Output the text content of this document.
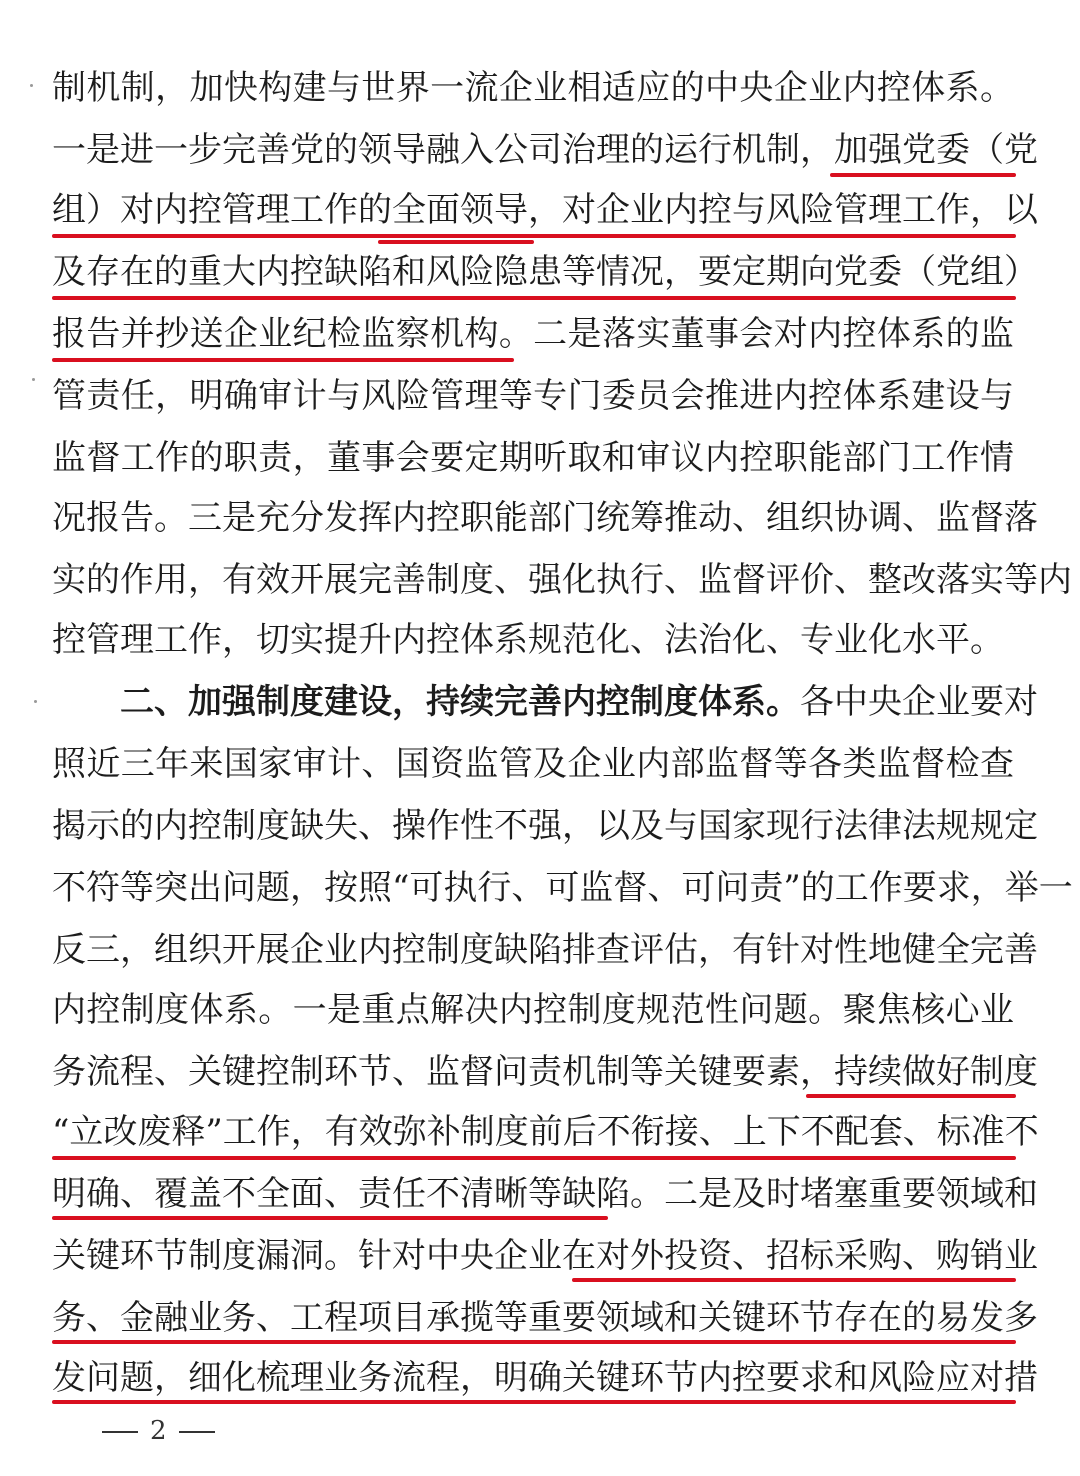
制机制，加快构建与世界一流企业相适应的中央企业内控体系。
一是进一步完善党的领导融入公司治理的运行机制，加强党委（党
组）对内控管理工作的全面领导，对企业内控与风险管理工作，以
及存在的重大内控缺陷和风险隐患等情况，要定期向党委（党组）
报告并抄送企业纪检监察机构。二是落实董事会对内控体系的监
管责任，明确审计与风险管理等专门委员会推进内控体系建设与
监督工作的职责，董事会要定期听取和审议内控职能部门工作情
况报告。三是充分发挥内控职能部门统筹推动、组织协调、监督落
实的作用，有效开展完善制度、强化执行、监督评价、整改落实等内
控管理工作，切实提升内控体系规范化、法治化、专业化水平。
二、加强制度建设，持续完善内控制度体系。各中央企业要对
照近三年来国家审计、国资监管及企业内部监督等各类监督检查
揭示的内控制度缺失、操作性不强，以及与国家现行法律法规规定
不符等突出问题，按照“可执行、可监督、可问责”的工作要求，举一
反三，组织开展企业内控制度缺陷排查评估，有针对性地健全完善
内控制度体系。一是重点解决内控制度规范性问题。聚焦核心业
务流程、关键控制环节、监督问责机制等关键要素，持续做好制度
“立改废释”工作，有效弥补制度前后不衔接、上下不配套、标准不
明确、覆盖不全面、责任不清晰等缺陷。二是及时堵塞重要领域和
关键环节制度漏洞。针对中央企业在对外投资、招标采购、购销业
务、金融业务、工程项目承揽等重要领域和关键环节存在的易发多
发问题，细化梳理业务流程，明确关键环节内控要求和风险应对措
2
